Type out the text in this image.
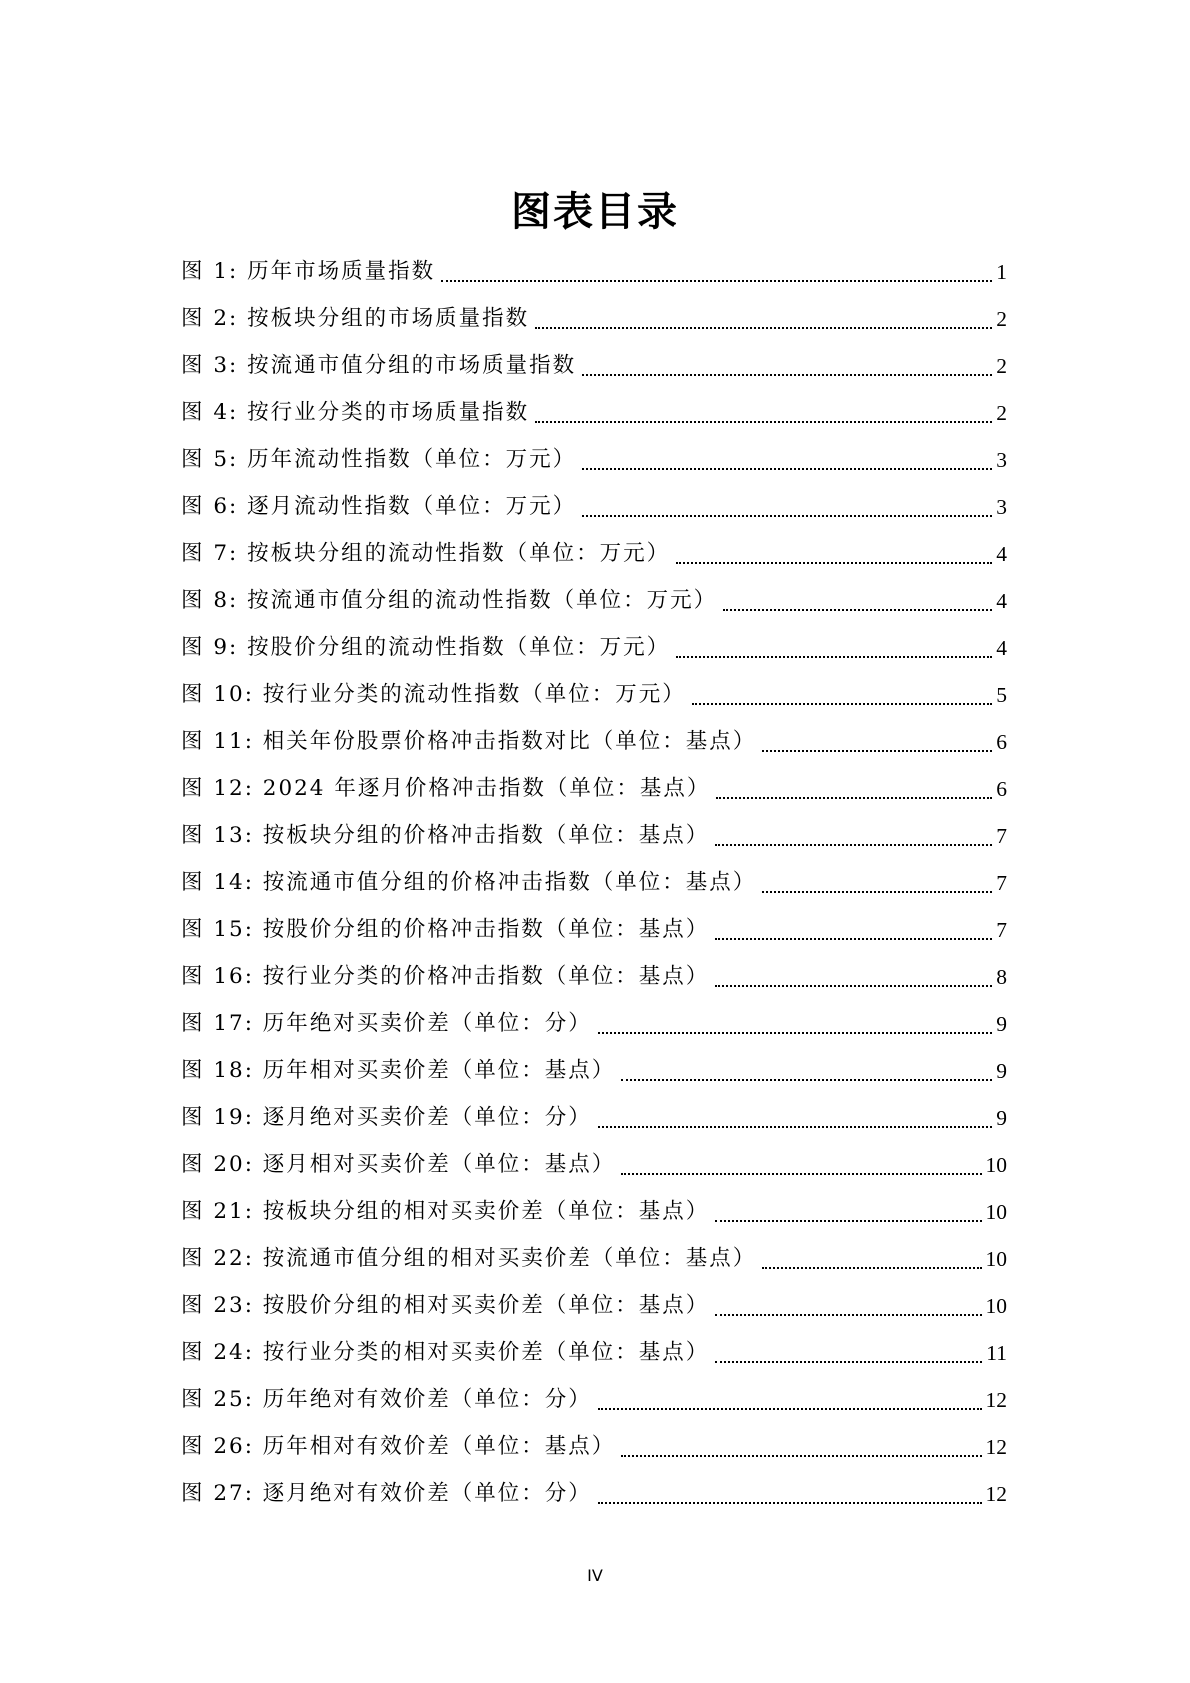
图表目录
图 1: 历年市场质量指数	1
图 2: 按板块分组的市场质量指数	2
图 3: 按流通市值分组的市场质量指数	2
图 4: 按行业分类的市场质量指数	2
图 5: 历年流动性指数（单位：万元）	3
图 6: 逐月流动性指数（单位：万元）	3
图 7: 按板块分组的流动性指数（单位：万元）	4
图 8: 按流通市值分组的流动性指数（单位：万元）	4
图 9: 按股价分组的流动性指数（单位：万元）	4
图 10: 按行业分类的流动性指数（单位：万元）	5
图 11: 相关年份股票价格冲击指数对比（单位：基点）	6
图 12: 2024 年逐月价格冲击指数（单位：基点）	6
图 13: 按板块分组的价格冲击指数（单位：基点）	7
图 14: 按流通市值分组的价格冲击指数（单位：基点）	7
图 15: 按股价分组的价格冲击指数（单位：基点）	7
图 16: 按行业分类的价格冲击指数（单位：基点）	8
图 17: 历年绝对买卖价差（单位：分）	9
图 18: 历年相对买卖价差（单位：基点）	9
图 19: 逐月绝对买卖价差（单位：分）	9
图 20: 逐月相对买卖价差（单位：基点）	10
图 21: 按板块分组的相对买卖价差（单位：基点）	10
图 22: 按流通市值分组的相对买卖价差（单位：基点）	10
图 23: 按股价分组的相对买卖价差（单位：基点）	10
图 24: 按行业分类的相对买卖价差（单位：基点）	11
图 25: 历年绝对有效价差（单位：分）	12
图 26: 历年相对有效价差（单位：基点）	12
图 27: 逐月绝对有效价差（单位：分）	12
IV
